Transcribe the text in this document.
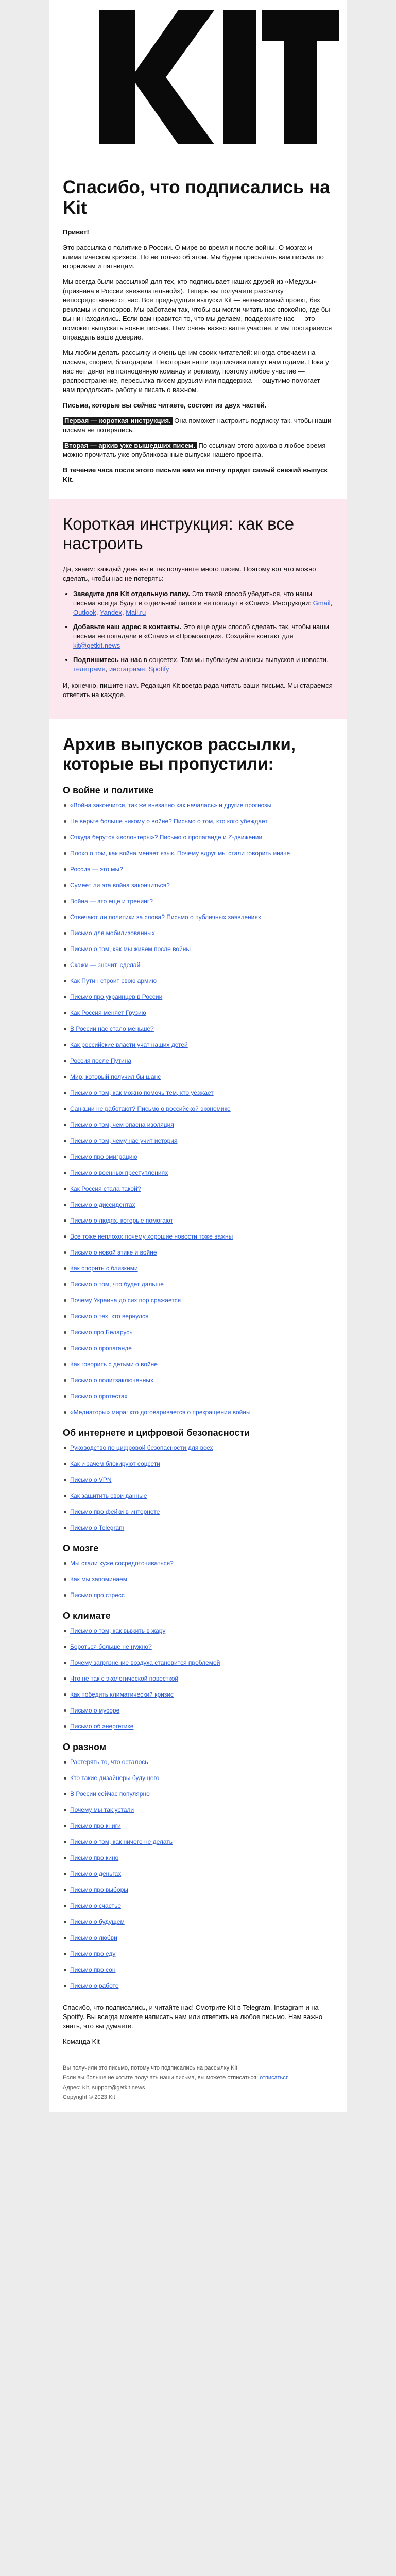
Спасибо, что подписались на Kit

Привет!

Это рассылка о политике в России. О мире во время и после войны. О мозгах и климатическом кризисе. Но не только об этом. Мы будем присылать вам письма по вторникам и пятницам.

Мы всегда были рассылкой для тех, кто подписывает наших друзей из «Медузы» (признана в России «нежелательной»). Теперь вы получаете рассылку непосредственно от нас. Все предыдущие выпуски Kit — независимый проект, без рекламы и спонсоров. Мы работаем так, чтобы вы могли читать нас спокойно, где бы вы ни находились. Если вам нравится то, что мы делаем, поддержите нас — это поможет выпускать новые письма. Нам очень важно ваше участие, и мы постараемся оправдать ваше доверие.

Мы любим делать рассылку и очень ценим своих читателей: иногда отвечаем на письма, спорим, благодарим. Некоторые наши подписчики пишут нам годами. Пока у нас нет денег на полноценную команду и рекламу, поэтому любое участие — распространение, пересылка писем друзьям или поддержка — ощутимо помогает нам продолжать работу и писать о важном.

Письма, которые вы сейчас читаете, состоят из двух частей.

Первая — короткая инструкция. Она поможет настроить подписку так, чтобы наши письма не потерялись.

Вторая — архив уже вышедших писем. По ссылкам этого архива в любое время можно прочитать уже опубликованные выпуски нашего проекта.

В течение часа после этого письма вам на почту придет самый свежий выпуск Kit.

Короткая инструкция: как все настроить

Да, знаем: каждый день вы и так получаете много писем. Поэтому вот что можно сделать, чтобы нас не потерять:

• Заведите для Kit отдельную папку. Это такой способ убедиться, что наши письма всегда будут в отдельной папке и не попадут в «Спам». Инструкции: Gmail, Outlook, Yandex, Mail.ru
• Добавьте наш адрес в контакты. Это еще один способ сделать так, чтобы наши письма не попадали в «Спам» и «Промоакции». Создайте контакт для kit@getkit.news
• Подпишитесь на нас в соцсетях. Там мы публикуем анонсы выпусков и новости. телеграме, инстаграме, Spotify

И, конечно, пишите нам. Редакция Kit всегда рада читать ваши письма. Мы стараемся ответить на каждое.

Архив выпусков рассылки, которые вы пропустили:
О войне и политике
«Война закончится, так же внезапно как началась» и другие прогнозы
Не верьте больше никому о войне? Письмо о том, кто кого убеждает
Откуда берутся «волонтеры»? Письмо о пропаганде и Z-движении
Плохо о том, как война меняет язык. Почему вдруг мы стали говорить иначе
Россия — это мы?
Сумеет ли эта война закончиться?
Война — это еще и тренинг?
Отвечают ли политики за слова? Письмо о публичных заявлениях
Письмо для мобилизованных
Письмо о том, как мы живем после войны
Скажи — значит, сделай
Как Путин строит свою армию
Письмо про украинцев в России
Как Россия меняет Грузию
В России нас стало меньше?
Как российские власти учат наших детей
Россия после Путина
Мир, который получил бы шанс
Письмо о том, как можно помочь тем, кто уезжает
Санкции не работают? Письмо о российской экономике
Письмо о том, чем опасна изоляция
Письмо о том, чему нас учит история
Письмо про эмиграцию
Письмо о военных преступлениях
Как Россия стала такой?
Письмо о диссидентах
Письмо о людях, которые помогают
Все тоже неплохо: почему хорошие новости тоже важны
Письмо о новой этике и войне
Как спорить с близкими
Письмо о том, что будет дальше
Почему Украина до сих пор сражается
Письмо о тех, кто вернулся
Письмо про Беларусь
Письмо о пропаганде
Как говорить с детьми о войне
Письмо о политзаключенных
Письмо о протестах
«Медиаторы» мира: кто договаривается о прекращении войны
Об интернете и цифровой безопасности
Руководство по цифровой безопасности для всех
Как и зачем блокируют соцсети
Письмо о VPN
Как защитить свои данные
Письмо про фейки в интернете
Письмо о Telegram
О мозге
Мы стали хуже сосредоточиваться?
Как мы запоминаем
Письмо про стресс
О климате
Письмо о том, как выжить в жару
Бороться больше не нужно?
Почему загрязнение воздуха становится проблемой
Что не так с экологической повесткой
Как победить климатический кризис
Письмо о мусоре
Письмо об энергетике
О разном
Растерять то, что осталось
Кто такие дизайнеры будущего
В России сейчас популярно
Почему мы так устали
Письмо про книги
Письмо о том, как ничего не делать
Письмо про кино
Письмо о деньгах
Письмо про выборы
Письмо о счастье
Письмо о будущем
Письмо о любви
Письмо про еду
Письмо про сон
Письмо о работе

Спасибо, что подписались, и читайте нас! Смотрите Kit в Telegram, Instagram и на Spotify. Вы всегда можете написать нам или ответить на любое письмо. Нам важно знать, что вы думаете.

Команда Kit

Вы получили это письмо, потому что подписались на рассылку Kit.

Если вы больше не хотите получать наши письма, вы можете отписаться. отписаться

Адрес: Kit, support@getkit.news

Copyright © 2023 Kit
